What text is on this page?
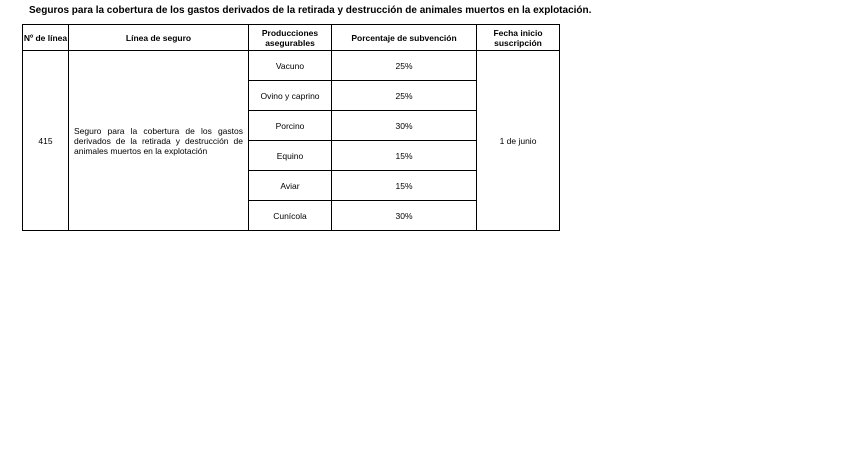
Seguros para la cobertura de los gastos derivados de la retirada y destrucción de animales muertos en la explotación.
Nº de línea	Línea de seguro	Producciones asegurables	Porcentaje de subvención	Fecha inicio suscripción
415	Seguro para la cobertura de los gastos derivados de la retirada y destrucción de animales muertos en la explotación	Vacuno	25%	1 de junio
		Ovino y caprino	25%	
		Porcino	30%	
		Equino	15%	
		Aviar	15%	
		Cunícola	30%	
